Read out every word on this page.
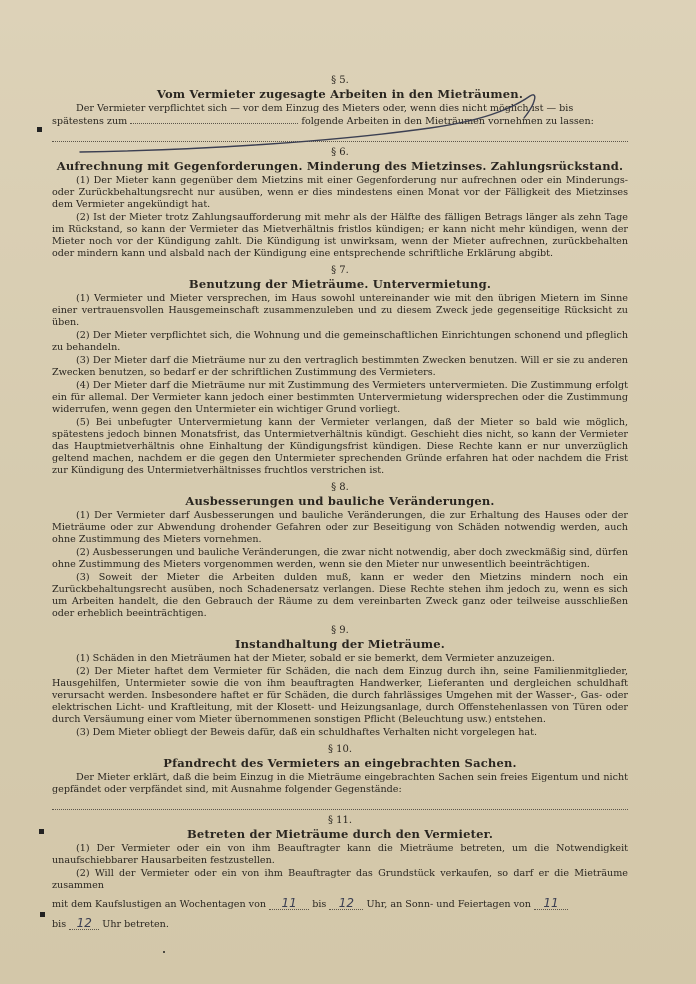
§ 5.
Vom Vermieter zugesagte Arbeiten in den Mieträumen.

Der Vermieter verpflichtet sich — vor dem Einzug des Mieters oder, wenn dies nicht möglich ist — bis

spätestens zum	folgende Arbeiten in den Mieträumen vornehmen zu lassen:

§ 6.
Aufrechnung mit Gegenforderungen. Minderung des Mietzinses. Zahlungsrückstand.

(1) Der Mieter kann gegenüber dem Mietzins mit einer Gegenforderung nur aufrechnen oder ein Minderungs- oder Zurückbehaltungsrecht nur ausüben, wenn er dies mindestens einen Monat vor der Fälligkeit des Mietzinses dem Vermieter angekündigt hat.

(2) Ist der Mieter trotz Zahlungsaufforderung mit mehr als der Hälfte des fälligen Betrags länger als zehn Tage im Rückstand, so kann der Vermieter das Mietverhältnis fristlos kündigen; er kann nicht mehr kündigen, wenn der Mieter noch vor der Kündigung zahlt. Die Kündigung ist unwirksam, wenn der Mieter aufrechnen, zurückbehalten oder mindern kann und alsbald nach der Kündigung eine entsprechende schriftliche Erklärung abgibt.

§ 7.
Benutzung der Mieträume. Untervermietung.

(1) Vermieter und Mieter versprechen, im Haus sowohl untereinander wie mit den übrigen Mietern im Sinne einer vertrauensvollen Hausgemeinschaft zusammenzuleben und zu diesem Zweck jede gegenseitige Rücksicht zu üben.

(2) Der Mieter verpflichtet sich, die Wohnung und die gemeinschaftlichen Einrichtungen schonend und pfleglich zu behandeln.

(3) Der Mieter darf die Mieträume nur zu den vertraglich bestimmten Zwecken benutzen. Will er sie zu anderen Zwecken benutzen, so bedarf er der schriftlichen Zustimmung des Vermieters.

(4) Der Mieter darf die Mieträume nur mit Zustimmung des Vermieters untervermieten. Die Zustimmung erfolgt ein für allemal. Der Vermieter kann jedoch einer bestimmten Untervermietung widersprechen oder die Zustimmung widerrufen, wenn gegen den Untermieter ein wichtiger Grund vorliegt.

(5) Bei unbefugter Untervermietung kann der Vermieter verlangen, daß der Mieter so bald wie möglich, spätestens jedoch binnen Monatsfrist, das Untermietverhältnis kündigt. Geschieht dies nicht, so kann der Vermieter das Hauptmietverhältnis ohne Einhaltung der Kündigungsfrist kündigen. Diese Rechte kann er nur unverzüglich geltend machen, nachdem er die gegen den Untermieter sprechenden Gründe erfahren hat oder nachdem die Frist zur Kündigung des Untermietverhältnisses fruchtlos verstrichen ist.

§ 8.
Ausbesserungen und bauliche Veränderungen.

(1) Der Vermieter darf Ausbesserungen und bauliche Veränderungen, die zur Erhaltung des Hauses oder der Mieträume oder zur Abwendung drohender Gefahren oder zur Beseitigung von Schäden notwendig werden, auch ohne Zustimmung des Mieters vornehmen.

(2) Ausbesserungen und bauliche Veränderungen, die zwar nicht notwendig, aber doch zweckmäßig sind, dürfen ohne Zustimmung des Mieters vorgenommen werden, wenn sie den Mieter nur unwesentlich beeinträchtigen.

(3) Soweit der Mieter die Arbeiten dulden muß, kann er weder den Mietzins mindern noch ein Zurückbehaltungsrecht ausüben, noch Schadenersatz verlangen. Diese Rechte stehen ihm jedoch zu, wenn es sich um Arbeiten handelt, die den Gebrauch der Räume zu dem vereinbarten Zweck ganz oder teilweise ausschließen oder erheblich beeinträchtigen.

§ 9.
Instandhaltung der Mieträume.

(1) Schäden in den Mieträumen hat der Mieter, sobald er sie bemerkt, dem Vermieter anzuzeigen.

(2) Der Mieter haftet dem Vermieter für Schäden, die nach dem Einzug durch ihn, seine Familienmitglieder, Hausgehilfen, Untermieter sowie die von ihm beauftragten Handwerker, Lieferanten und dergleichen schuldhaft verursacht werden. Insbesondere haftet er für Schäden, die durch fahrlässiges Umgehen mit der Wasser-, Gas- oder elektrischen Licht- und Kraftleitung, mit der Klosett- und Heizungsanlage, durch Offenstehenlassen von Türen oder durch Versäumung einer vom Mieter übernommenen sonstigen Pflicht (Beleuchtung usw.) entstehen.

(3) Dem Mieter obliegt der Beweis dafür, daß ein schuldhaftes Verhalten nicht vorgelegen hat.

§ 10.
Pfandrecht des Vermieters an eingebrachten Sachen.

Der Mieter erklärt, daß die beim Einzug in die Mieträume eingebrachten Sachen sein freies Eigentum und nicht gepfändet oder verpfändet sind, mit Ausnahme folgender Gegenstände:

§ 11.
Betreten der Mieträume durch den Vermieter.

(1) Der Vermieter oder ein von ihm Beauftragter kann die Mieträume betreten, um die Notwendigkeit unaufschiebbarer Hausarbeiten festzustellen.

(2) Will der Vermieter oder ein von ihm Beauftragter das Grundstück verkaufen, so darf er die Mieträume zusammen

mit dem Kaufslustigen an Wochentagen von 11 bis 12 Uhr, an Sonn- und Feiertagen von 11

bis 12 Uhr betreten.
